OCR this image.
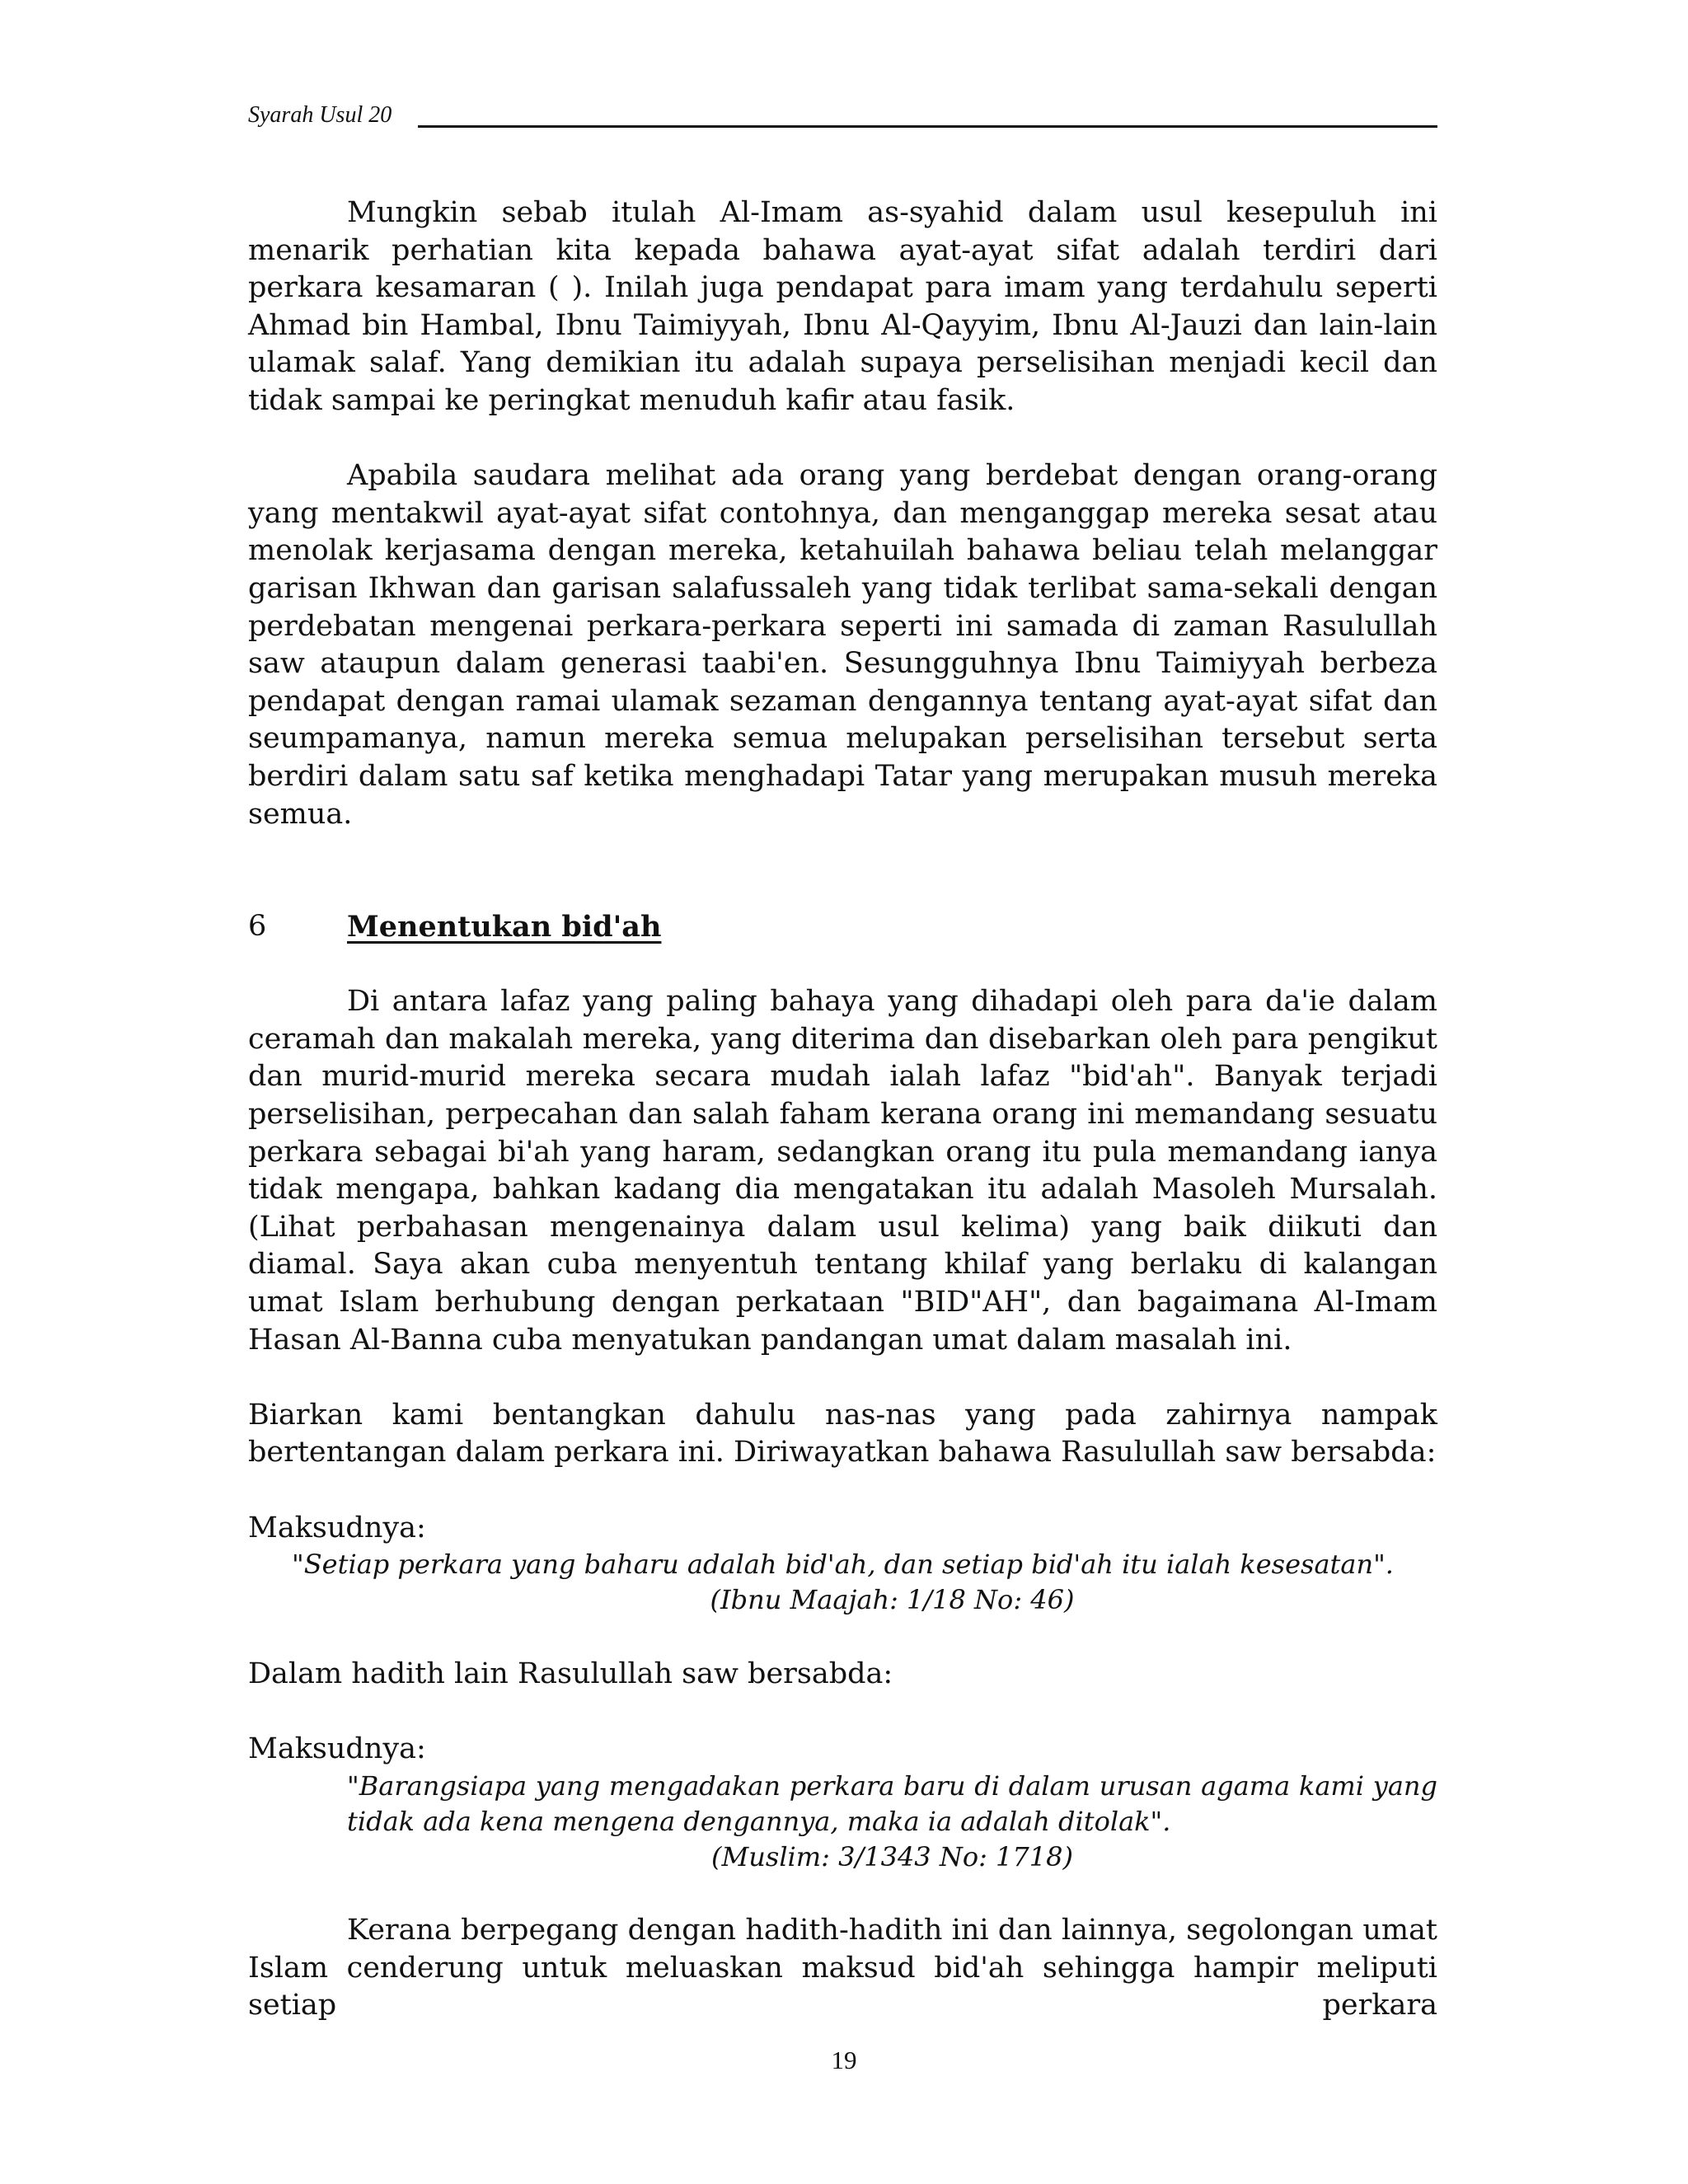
Syarah Usul 20

Mungkin sebab itulah Al-Imam as-syahid dalam usul kesepuluh ini menarik perhatian kita kepada bahawa ayat-ayat sifat adalah terdiri dari perkara kesamaran ( ). Inilah juga pendapat para imam yang terdahulu seperti Ahmad bin Hambal, Ibnu Taimiyyah, Ibnu Al-Qayyim, Ibnu Al-Jauzi dan lain-lain ulamak salaf. Yang demikian itu adalah supaya perselisihan menjadi kecil dan tidak sampai ke peringkat menuduh kafir atau fasik.

Apabila saudara melihat ada orang yang berdebat dengan orang-orang yang mentakwil ayat-ayat sifat contohnya, dan menganggap mereka sesat atau menolak kerjasama dengan mereka, ketahuilah bahawa beliau telah melanggar garisan Ikhwan dan garisan salafussaleh yang tidak terlibat sama-sekali dengan perdebatan mengenai perkara-perkara seperti ini samada di zaman Rasulullah saw ataupun dalam generasi taabi'en. Sesungguhnya Ibnu Taimiyyah berbeza pendapat dengan ramai ulamak sezaman dengannya tentang ayat-ayat sifat dan seumpamanya, namun mereka semua melupakan perselisihan tersebut serta berdiri dalam satu saf ketika menghadapi Tatar yang merupakan musuh mereka semua.

6	Menentukan bid'ah

Di antara lafaz yang paling bahaya yang dihadapi oleh para da'ie dalam ceramah dan makalah mereka, yang diterima dan disebarkan oleh para pengikut dan murid-murid mereka secara mudah ialah lafaz "bid'ah". Banyak terjadi perselisihan, perpecahan dan salah faham kerana orang ini memandang sesuatu perkara sebagai bi'ah yang haram, sedangkan orang itu pula memandang ianya tidak mengapa, bahkan kadang dia mengatakan itu adalah Masoleh Mursalah. (Lihat perbahasan mengenainya dalam usul kelima) yang baik diikuti dan diamal. Saya akan cuba menyentuh tentang khilaf yang berlaku di kalangan umat Islam berhubung dengan perkataan "BID"AH", dan bagaimana Al-Imam Hasan Al-Banna cuba menyatukan pandangan umat dalam masalah ini.

Biarkan kami bentangkan dahulu nas-nas yang pada zahirnya nampak bertentangan dalam perkara ini. Diriwayatkan bahawa Rasulullah saw bersabda:

Maksudnya:

"Setiap perkara yang baharu adalah bid'ah, dan setiap bid'ah itu ialah kesesatan".

(Ibnu Maajah: 1/18 No: 46)

Dalam hadith lain Rasulullah saw bersabda:

Maksudnya:

"Barangsiapa yang mengadakan perkara baru di dalam urusan agama kami yang tidak ada kena mengena dengannya, maka ia adalah ditolak".

(Muslim: 3/1343 No: 1718)

Kerana berpegang dengan hadith-hadith ini dan lainnya, segolongan umat Islam cenderung untuk meluaskan maksud bid'ah sehingga hampir meliputi setiap perkara

19
